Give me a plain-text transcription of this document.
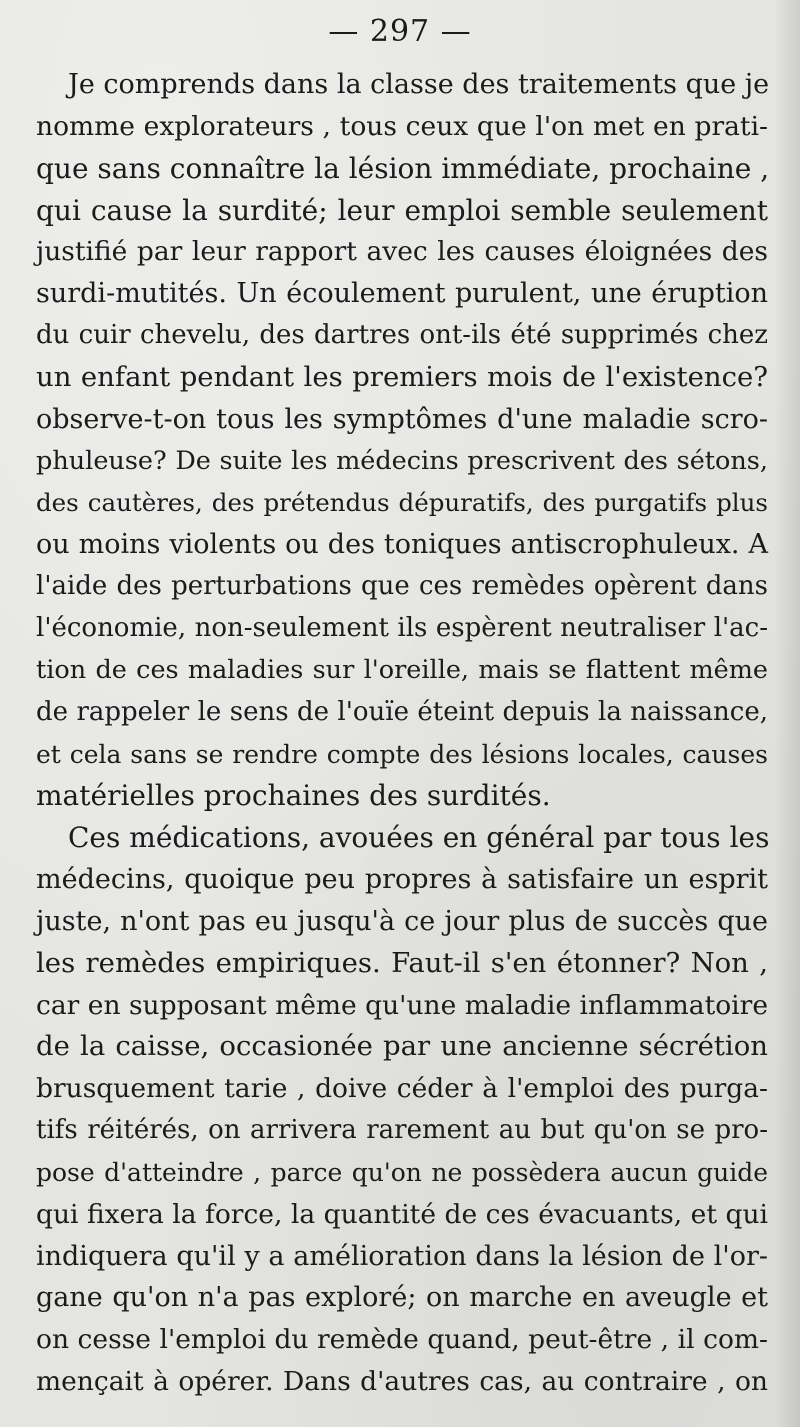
— 297 —
Je comprends dans la classe des traitements que je
nomme explorateurs , tous ceux que l'on met en prati-
que sans connaître la lésion immédiate, prochaine ,
qui cause la surdité; leur emploi semble seulement
justifié par leur rapport avec les causes éloignées des
surdi-mutités. Un écoulement purulent, une éruption
du cuir chevelu, des dartres ont-ils été supprimés chez
un enfant pendant les premiers mois de l'existence?
observe-t-on tous les symptômes d'une maladie scro-
phuleuse? De suite les médecins prescrivent des sétons,
des cautères, des prétendus dépuratifs, des purgatifs plus
ou moins violents ou des toniques antiscrophuleux. A
l'aide des perturbations que ces remèdes opèrent dans
l'économie, non-seulement ils espèrent neutraliser l'ac-
tion de ces maladies sur l'oreille, mais se flattent même
de rappeler le sens de l'ouïe éteint depuis la naissance,
et cela sans se rendre compte des lésions locales, causes
matérielles prochaines des surdités.
Ces médications, avouées en général par tous les
médecins, quoique peu propres à satisfaire un esprit
juste, n'ont pas eu jusqu'à ce jour plus de succès que
les remèdes empiriques. Faut-il s'en étonner? Non ,
car en supposant même qu'une maladie inflammatoire
de la caisse, occasionée par une ancienne sécrétion
brusquement tarie , doive céder à l'emploi des purga-
tifs réitérés, on arrivera rarement au but qu'on se pro-
pose d'atteindre , parce qu'on ne possèdera aucun guide
qui fixera la force, la quantité de ces évacuants, et qui
indiquera qu'il y a amélioration dans la lésion de l'or-
gane qu'on n'a pas exploré; on marche en aveugle et
on cesse l'emploi du remède quand, peut-être , il com-
mençait à opérer. Dans d'autres cas, au contraire , on
